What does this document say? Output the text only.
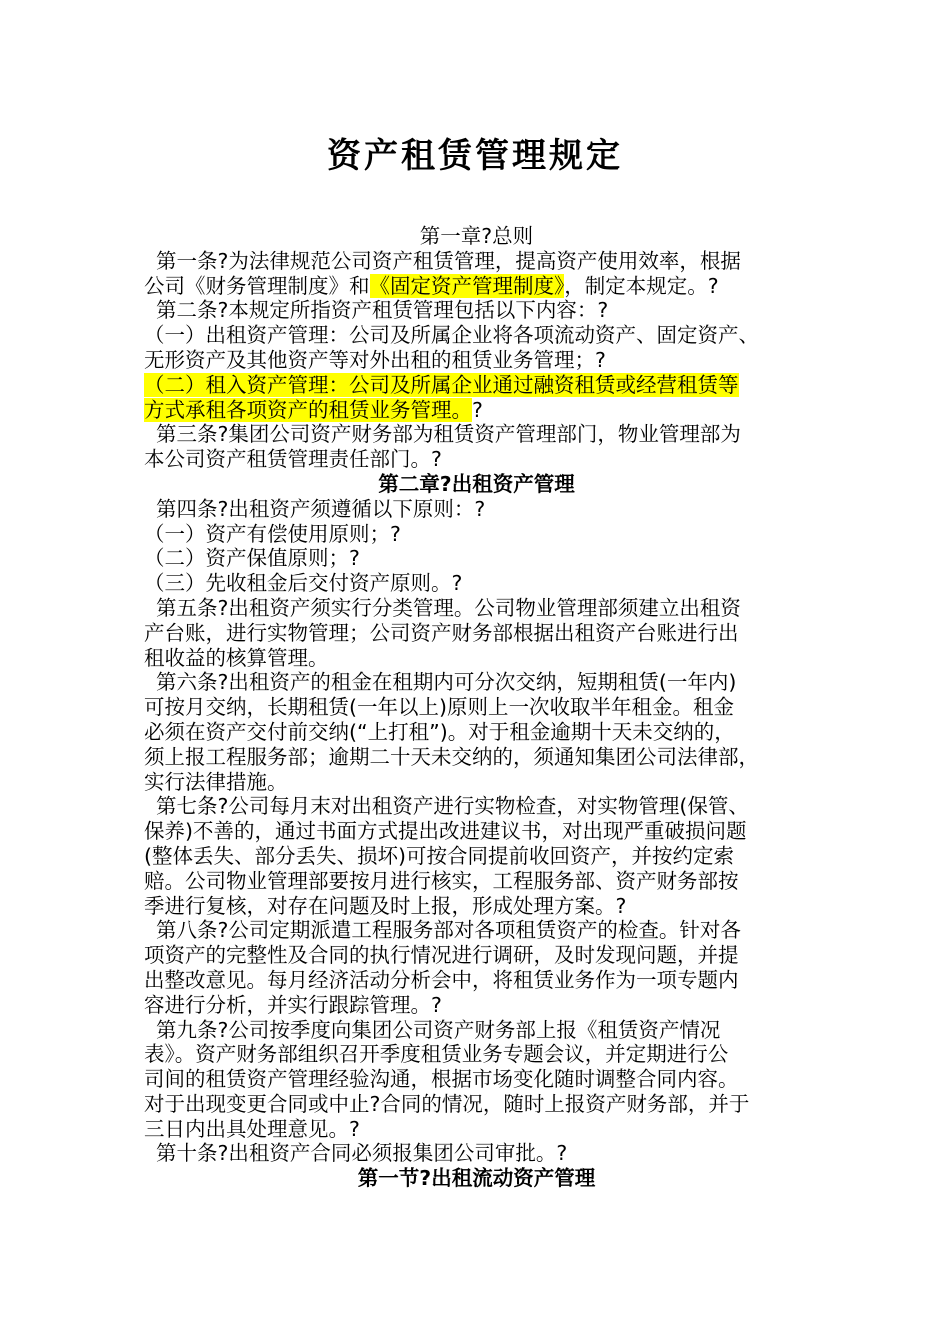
资产租赁管理规定

第一章?总则

第一条?为法律规范公司资产租赁管理，提高资产使用效率，根据

公司《财务管理制度》和《固定资产管理制度》，制定本规定。?

第二条?本规定所指资产租赁管理包括以下内容：?

（一）出租资产管理：公司及所属企业将各项流动资产、固定资产、

无形资产及其他资产等对外出租的租赁业务管理；?

（二）租入资产管理：公司及所属企业通过融资租赁或经营租赁等

方式承租各项资产的租赁业务管理。?

第三条?集团公司资产财务部为租赁资产管理部门，物业管理部为

本公司资产租赁管理责任部门。?

第二章?出租资产管理

第四条?出租资产须遵循以下原则：?

（一）资产有偿使用原则；?

（二）资产保值原则；?

（三）先收租金后交付资产原则。?

第五条?出租资产须实行分类管理。公司物业管理部须建立出租资

产台账，进行实物管理；公司资产财务部根据出租资产台账进行出

租收益的核算管理。

第六条?出租资产的租金在租期内可分次交纳，短期租赁(一年内)

可按月交纳，长期租赁(一年以上)原则上一次收取半年租金。租金

必须在资产交付前交纳(“上打租”)。对于租金逾期十天未交纳的，

须上报工程服务部；逾期二十天未交纳的，须通知集团公司法律部，

实行法律措施。

第七条?公司每月末对出租资产进行实物检查，对实物管理(保管、

保养)不善的，通过书面方式提出改进建议书，对出现严重破损问题

(整体丢失、部分丢失、损坏)可按合同提前收回资产，并按约定索

赔。公司物业管理部要按月进行核实，工程服务部、资产财务部按

季进行复核，对存在问题及时上报，形成处理方案。?

第八条?公司定期派遣工程服务部对各项租赁资产的检查。针对各

项资产的完整性及合同的执行情况进行调研，及时发现问题，并提

出整改意见。每月经济活动分析会中，将租赁业务作为一项专题内

容进行分析，并实行跟踪管理。?

第九条?公司按季度向集团公司资产财务部上报《租赁资产情况

表》。资产财务部组织召开季度租赁业务专题会议，并定期进行公

司间的租赁资产管理经验沟通，根据市场变化随时调整合同内容。

对于出现变更合同或中止?合同的情况，随时上报资产财务部，并于

三日内出具处理意见。?

第十条?出租资产合同必须报集团公司审批。?

第一节?出租流动资产管理
